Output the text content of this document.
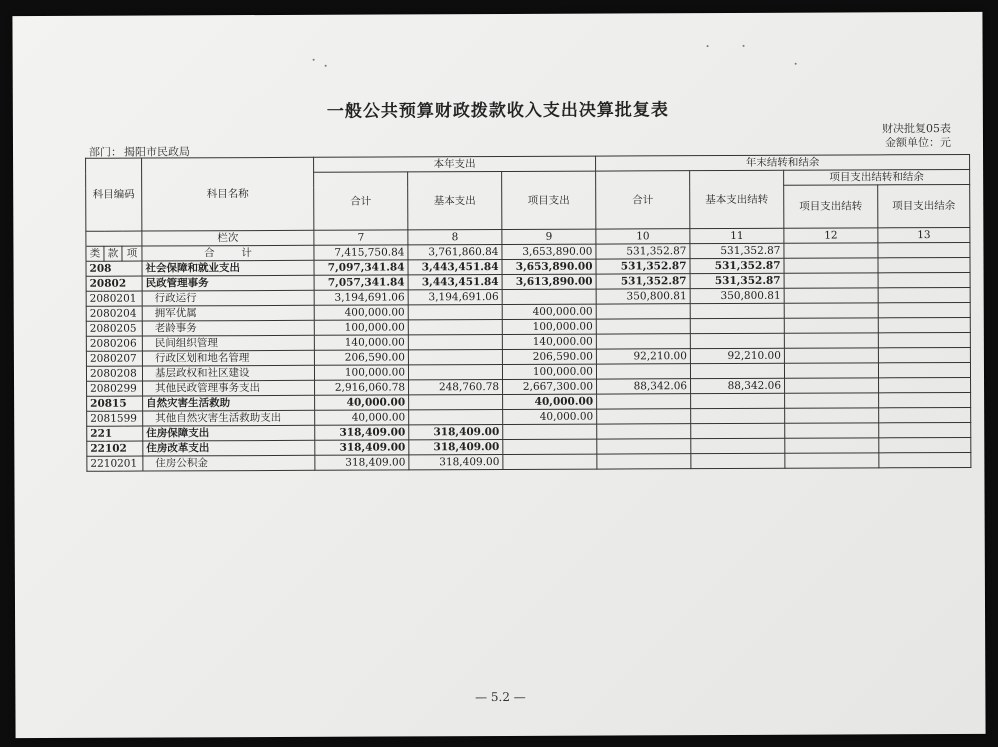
一般公共预算财政拨款收入支出决算批复表
财决批复05表
金额单位：元
部门： 揭阳市民政局
科目编码			科目名称	本年支出			年末结转和结余			
				合计	基本支出	项目支出	合计	基本支出结转	项目支出结转和结余	
									项目支出结转	项目支出结余

			栏次	7	8	9	10	11	12	13
类	款	项	合 计	7,415,750.84	3,761,860.84	3,653,890.00	531,352.87	531,352.87		
208			社会保障和就业支出	7,097,341.84	3,443,451.84	3,653,890.00	531,352.87	531,352.87		
20802			民政管理事务	7,057,341.84	3,443,451.84	3,613,890.00	531,352.87	531,352.87		
2080201			行政运行	3,194,691.06	3,194,691.06		350,800.81	350,800.81		
2080204			拥军优属	400,000.00		400,000.00				
2080205			老龄事务	100,000.00		100,000.00				
2080206			民间组织管理	140,000.00		140,000.00				
2080207			行政区划和地名管理	206,590.00		206,590.00	92,210.00	92,210.00		
2080208			基层政权和社区建设	100,000.00		100,000.00				
2080299			其他民政管理事务支出	2,916,060.78	248,760.78	2,667,300.00	88,342.06	88,342.06		
20815			自然灾害生活救助	40,000.00		40,000.00				
2081599			其他自然灾害生活救助支出	40,000.00		40,000.00				
221			住房保障支出	318,409.00	318,409.00					
22102			住房改革支出	318,409.00	318,409.00					
2210201			住房公积金	318,409.00	318,409.00					
— 5.2 —
